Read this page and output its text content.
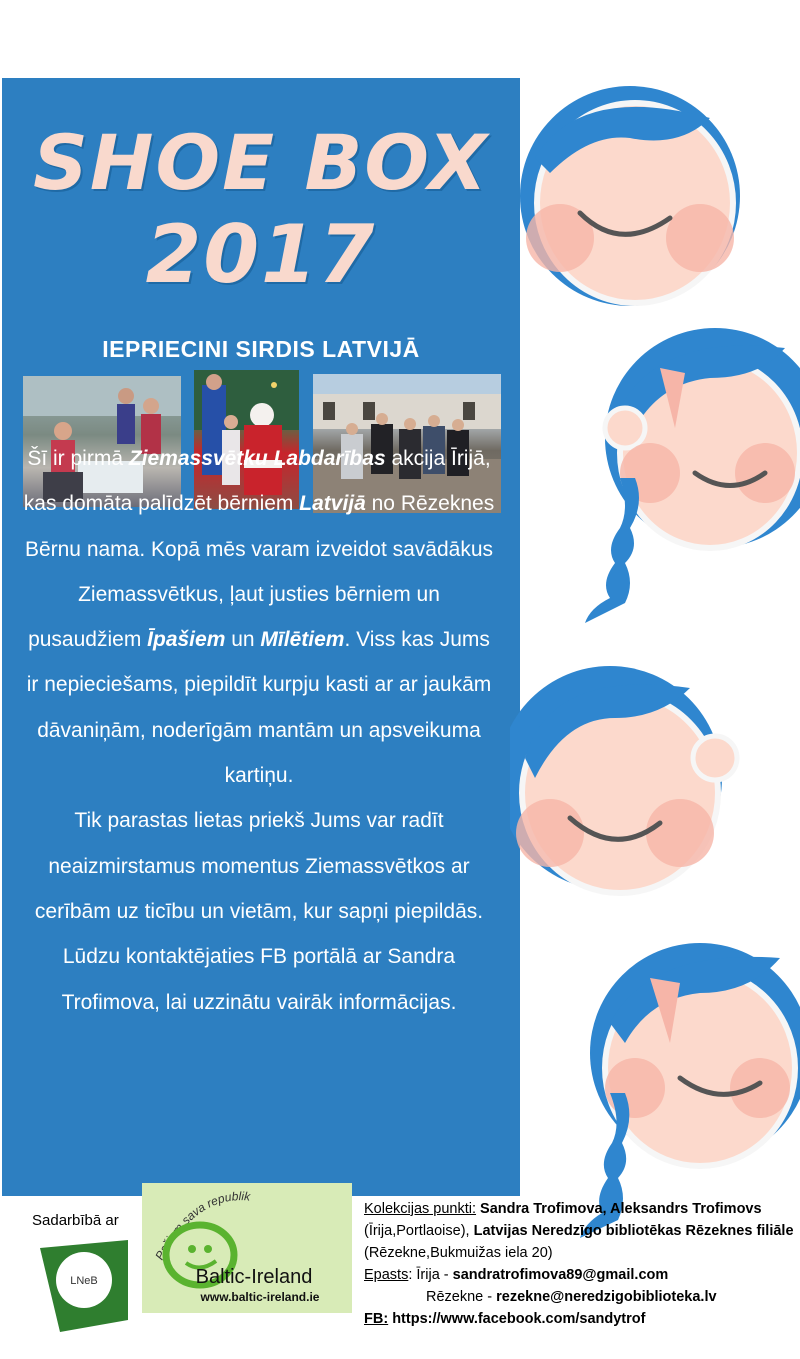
SHOE BOX
2017
IEPRIECINI SIRDIS LATVIJĀ

Šī ir pirmā Ziemassvētku Labdarības akcija Īrijā, kas domāta palīdzēt bērniem Latvijā no Rēzeknes Bērnu nama. Kopā mēs varam izveidot savādākus Ziemassvētkus, ļaut justies bērniem un pusaudžiem Īpašiem un Mīlētiem. Viss kas Jums ir nepieciešams, piepildīt kurpju kasti ar ar jaukām dāvaniņām, noderīgām mantām un apsveikuma kartiņu.

Tik parastas lietas priekš Jums var radīt neaizmirstamus momentus Ziemassvētkos ar cerībām uz ticību un vietām, kur sapņi piepildās.

Lūdzu kontaktējaties FB portālā ar Sandra Trofimova, lai uzzinātu vairāk informācijas.

Sadarbībā ar
LNeB
Pašiem sava republik
Baltic-Ireland
www.baltic-ireland.ie

Kolekcijas punkti: Sandra Trofimova, Aleksandrs Trofimovs (Īrija,Portlaoise), Latvijas Neredzīgo bibliotēkas Rēzeknes filiāle (Rēzekne,Bukmuižas iela 20)

Epasts: Īrija - sandratrofimova89@gmail.com

Rēzekne - rezekne@neredzigobiblioteka.lv

FB: https://www.facebook.com/sandytrof
